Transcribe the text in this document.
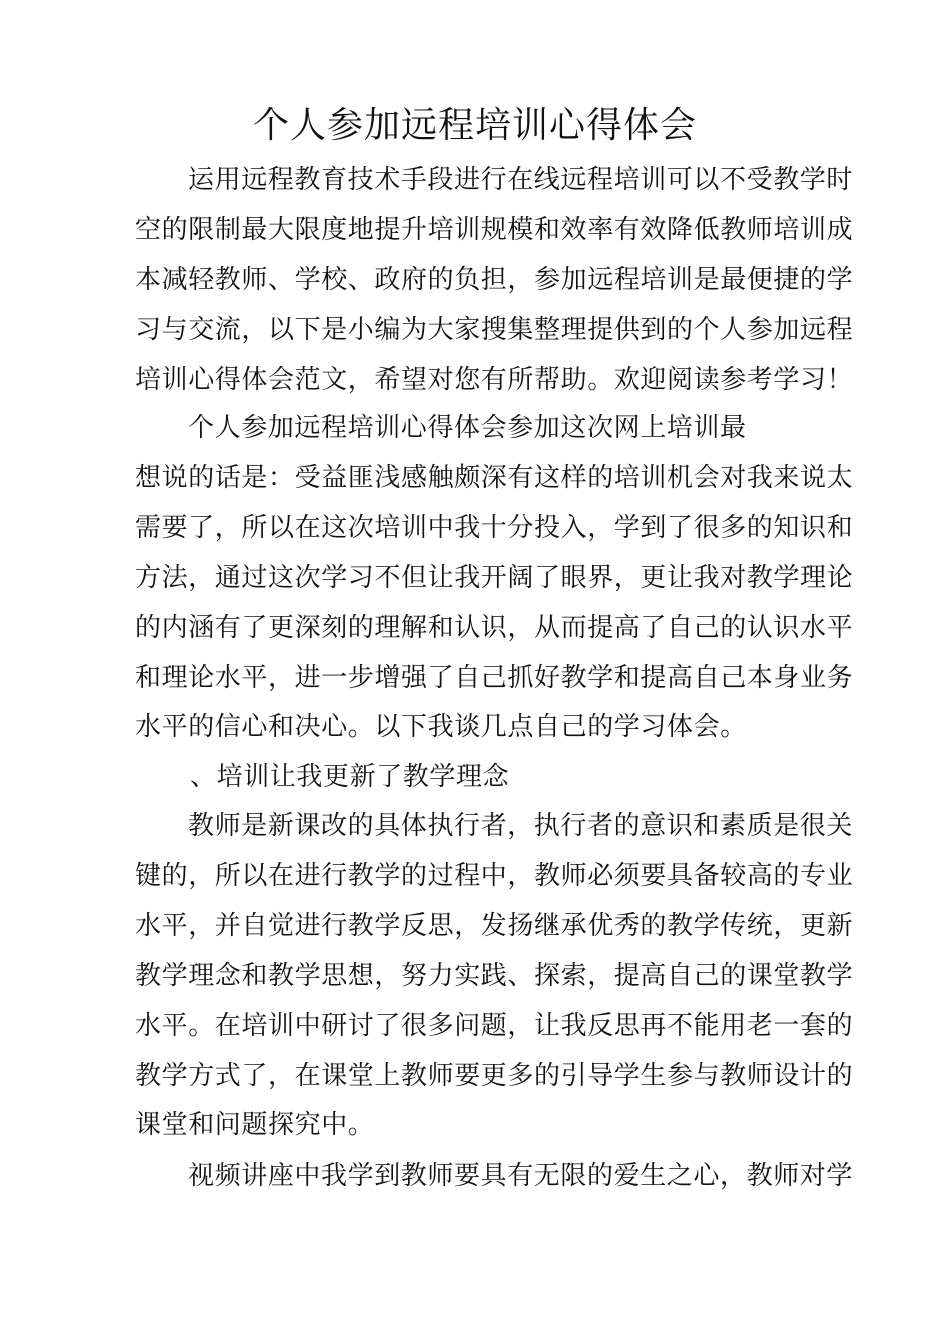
个人参加远程培训心得体会

运用远程教育技术手段进行在线远程培训可以不受教学时

空的限制最大限度地提升培训规模和效率有效降低教师培训成

本减轻教师、学校、政府的负担，参加远程培训是最便捷的学

习与交流，以下是小编为大家搜集整理提供到的个人参加远程

培训心得体会范文，希望对您有所帮助。欢迎阅读参考学习！

个人参加远程培训心得体会参加这次网上培训最

想说的话是：受益匪浅感触颇深有这样的培训机会对我来说太

需要了，所以在这次培训中我十分投入，学到了很多的知识和

方法，通过这次学习不但让我开阔了眼界，更让我对教学理论

的内涵有了更深刻的理解和认识，从而提高了自己的认识水平

和理论水平，进一步增强了自己抓好教学和提高自己本身业务

水平的信心和决心。以下我谈几点自己的学习体会。

、培训让我更新了教学理念

教师是新课改的具体执行者，执行者的意识和素质是很关

键的，所以在进行教学的过程中，教师必须要具备较高的专业

水平，并自觉进行教学反思，发扬继承优秀的教学传统，更新

教学理念和教学思想，努力实践、探索，提高自己的课堂教学

水平。在培训中研讨了很多问题，让我反思再不能用老一套的

教学方式了，在课堂上教师要更多的引导学生参与教师设计的

课堂和问题探究中。

视频讲座中我学到教师要具有无限的爱生之心，教师对学
